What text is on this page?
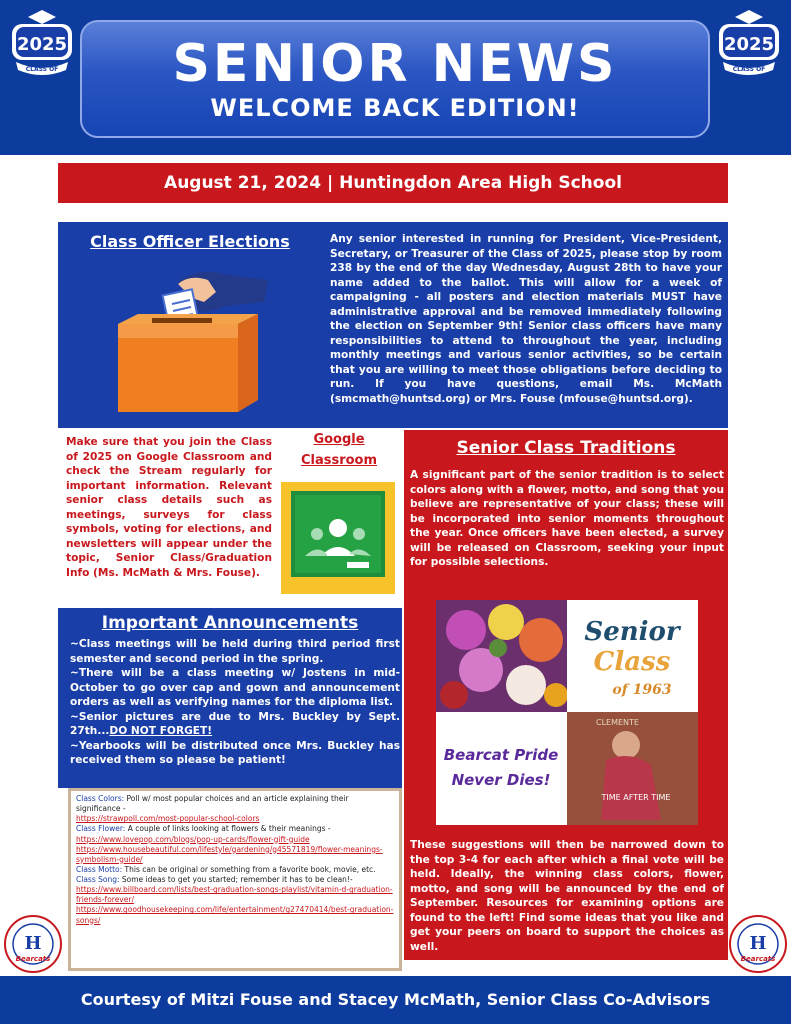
2025
CLASS OF
2025
CLASS OF
SENIOR NEWS
WELCOME BACK EDITION!
August 21, 2024 | Huntingdon Area High School
Class Officer Elections	Any senior interested in running for President, Vice-President, Secretary, or Treasurer of the Class of 2025, please stop by room 238 by the end of the day Wednesday, August 28th to have your name added to the ballot. This will allow for a week of campaigning - all posters and election materials MUST have administrative approval and be removed immediately following the election on September 9th! Senior class officers have many responsibilities to attend to throughout the year, including monthly meetings and various senior activities, so be certain that you are willing to meet those obligations before deciding to run. If you have questions, email Ms. McMath (smcmath@huntsd.org) or Mrs. Fouse (mfouse@huntsd.org).
Make sure that you join the Class of 2025 on Google Classroom and check the Stream regularly for important information. Relevant senior class details such as meetings, surveys for class symbols, voting for elections, and newsletters will appear under the topic, Senior Class/Graduation Info (Ms. McMath & Mrs. Fouse).
Google
Classroom
Senior Class Traditions
A significant part of the senior tradition is to select colors along with a flower, motto, and song that you believe are representative of your class; these will be incorporated into senior moments throughout the year. Once officers have been elected, a survey will be released on Classroom, seeking your input for possible selections.
Senior
Class
of 1963
Bearcat Pride
Never Dies!
CLEMENTE
TIME AFTER TIME
These suggestions will then be narrowed down to the top 3-4 for each after which a final vote will be held. Ideally, the winning class colors, flower, motto, and song will be announced by the end of September. Resources for examining options are found to the left! Find some ideas that you like and get your peers on board to support the choices as well.
Important Announcements
~Class meetings will be held during third period first semester and second period in the spring.
~There will be a class meeting w/ Jostens in mid-October to go over cap and gown and announcement orders as well as verifying names for the diploma list.
~Senior pictures are due to Mrs. Buckley by Sept. 27th...DO NOT FORGET!
~Yearbooks will be distributed once Mrs. Buckley has received them so please be patient!
Class Colors: Poll w/ most popular choices and an article explaining their significance -
https://strawpoll.com/most-popular-school-colors
Class Flower: A couple of links looking at flowers & their meanings -
https://www.lovepop.com/blogs/pop-up-cards/flower-gift-guide
https://www.housebeautiful.com/lifestyle/gardening/g45571819/flower-meanings-symbolism-guide/
Class Motto: This can be original or something from a favorite book, movie, etc.
Class Song: Some ideas to get you started; remember it has to be clean!-
https://www.billboard.com/lists/best-graduation-songs-playlist/vitamin-d-graduation-friends-forever/
https://www.goodhousekeeping.com/life/entertainment/g27470414/best-graduation-songs/
H
Bearcats
H
Bearcats
Courtesy of Mitzi Fouse and Stacey McMath, Senior Class Co-Advisors
